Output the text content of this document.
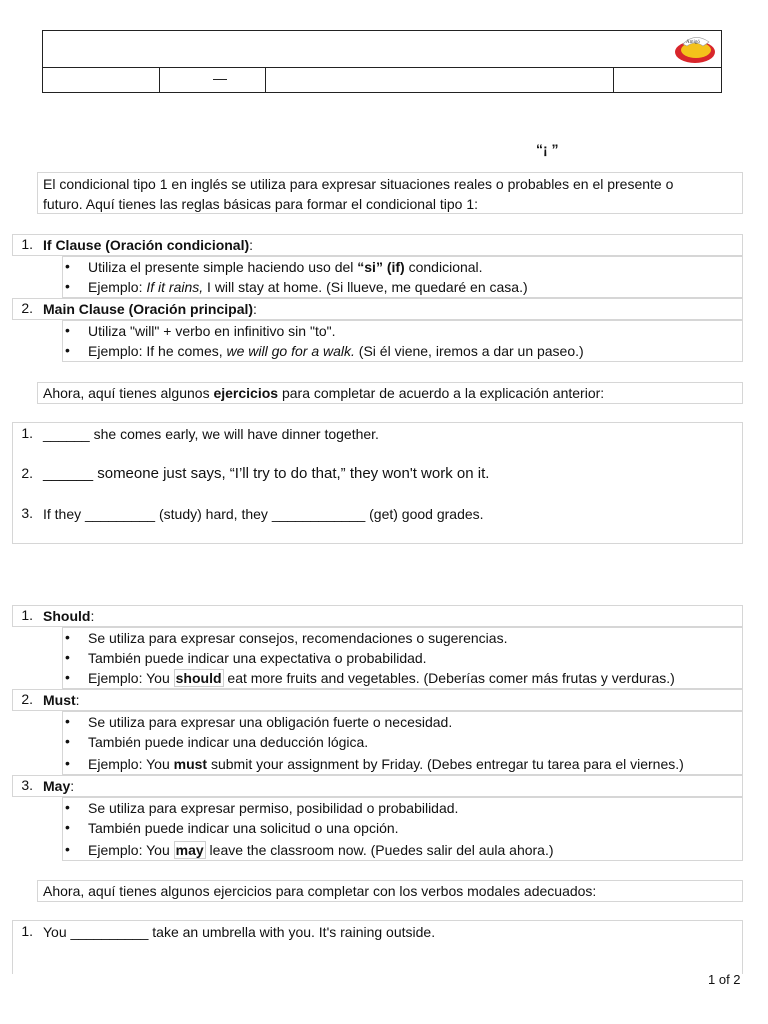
Amigó
—
“¡ ”
El condicional tipo 1 en inglés se utiliza para expresar situaciones reales o probables en el presente o
futuro. Aquí tienes las reglas básicas para formar el condicional tipo 1:
1. If Clause (Oración condicional):
• Utiliza el presente simple haciendo uso del “si” (if) condicional.
• Ejemplo: If it rains, I will stay at home. (Si llueve, me quedaré en casa.)
2. Main Clause (Oración principal):
• Utiliza "will" + verbo en infinitivo sin "to".
• Ejemplo: If he comes, we will go for a walk. (Si él viene, iremos a dar un paseo.)
Ahora, aquí tienes algunos ejercicios para completar de acuerdo a la explicación anterior:
1. ______ she comes early, we will have dinner together.
2. ______ someone just says, “I’ll try to do that,” they won't work on it.
3. If they _________ (study) hard, they ____________ (get) good grades.
1. Should:
• Se utiliza para expresar consejos, recomendaciones o sugerencias.
• También puede indicar una expectativa o probabilidad.
• Ejemplo: You should eat more fruits and vegetables. (Deberías comer más frutas y verduras.)
2. Must:
• Se utiliza para expresar una obligación fuerte o necesidad.
• También puede indicar una deducción lógica.
• Ejemplo: You must submit your assignment by Friday. (Debes entregar tu tarea para el viernes.)
3. May:
• Se utiliza para expresar permiso, posibilidad o probabilidad.
• También puede indicar una solicitud o una opción.
• Ejemplo: You may leave the classroom now. (Puedes salir del aula ahora.)
Ahora, aquí tienes algunos ejercicios para completar con los verbos modales adecuados:
1. You __________ take an umbrella with you. It's raining outside.
1 of 2
